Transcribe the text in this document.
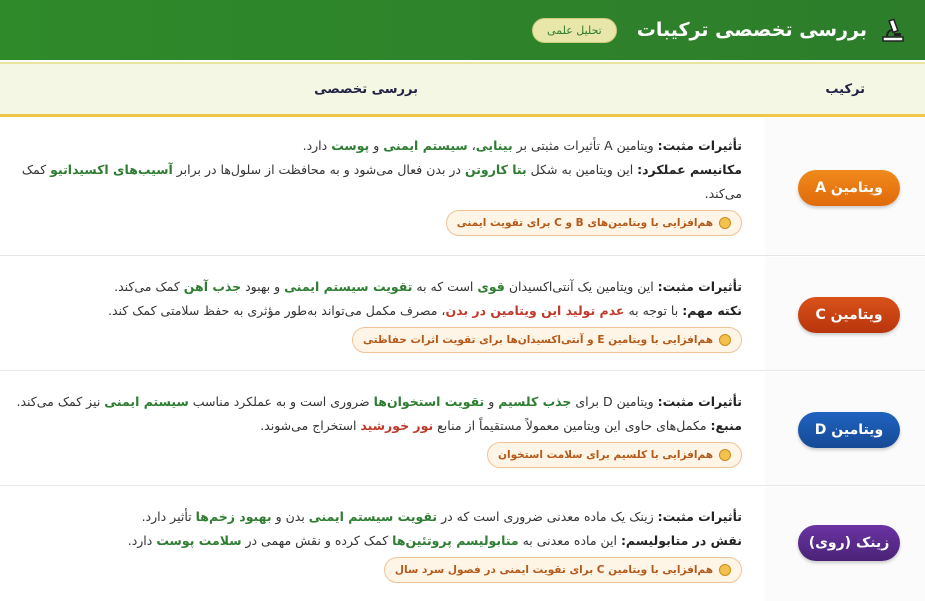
بررسی تخصصی ترکیبات
تحلیل علمی
ترکیب
بررسی تخصصی
ویتامین A
تأثیرات مثبت: ویتامین A تأثیرات مثبتی بر بینایی، سیستم ایمنی و پوست دارد.
مکانیسم عملکرد: این ویتامین به شکل بتا کاروتن در بدن فعال می‌شود و به محافظت از سلول‌ها در برابر آسیب‌های اکسیداتیو کمک می‌کند.
هم‌افزایی با ویتامین‌های B و C برای تقویت ایمنی
ویتامین C
تأثیرات مثبت: این ویتامین یک آنتی‌اکسیدان قوی است که به تقویت سیستم ایمنی و بهبود جذب آهن کمک می‌کند.
نکته مهم: با توجه به عدم تولید این ویتامین در بدن، مصرف مکمل می‌تواند به‌طور مؤثری به حفظ سلامتی کمک کند.
هم‌افزایی با ویتامین E و آنتی‌اکسیدان‌ها برای تقویت اثرات حفاظتی
ویتامین D
تأثیرات مثبت: ویتامین D برای جذب کلسیم و تقویت استخوان‌ها ضروری است و به عملکرد مناسب سیستم ایمنی نیز کمک می‌کند.
منبع: مکمل‌های حاوی این ویتامین معمولاً مستقیماً از منابع نور خورشید استخراج می‌شوند.
هم‌افزایی با کلسیم برای سلامت استخوان
زینک (روی)
تأثیرات مثبت: زینک یک ماده معدنی ضروری است که در تقویت سیستم ایمنی بدن و بهبود زخم‌ها تأثیر دارد.
نقش در متابولیسم: این ماده معدنی به متابولیسم پروتئین‌ها کمک کرده و نقش مهمی در سلامت پوست دارد.
هم‌افزایی با ویتامین C برای تقویت ایمنی در فصول سرد سال
